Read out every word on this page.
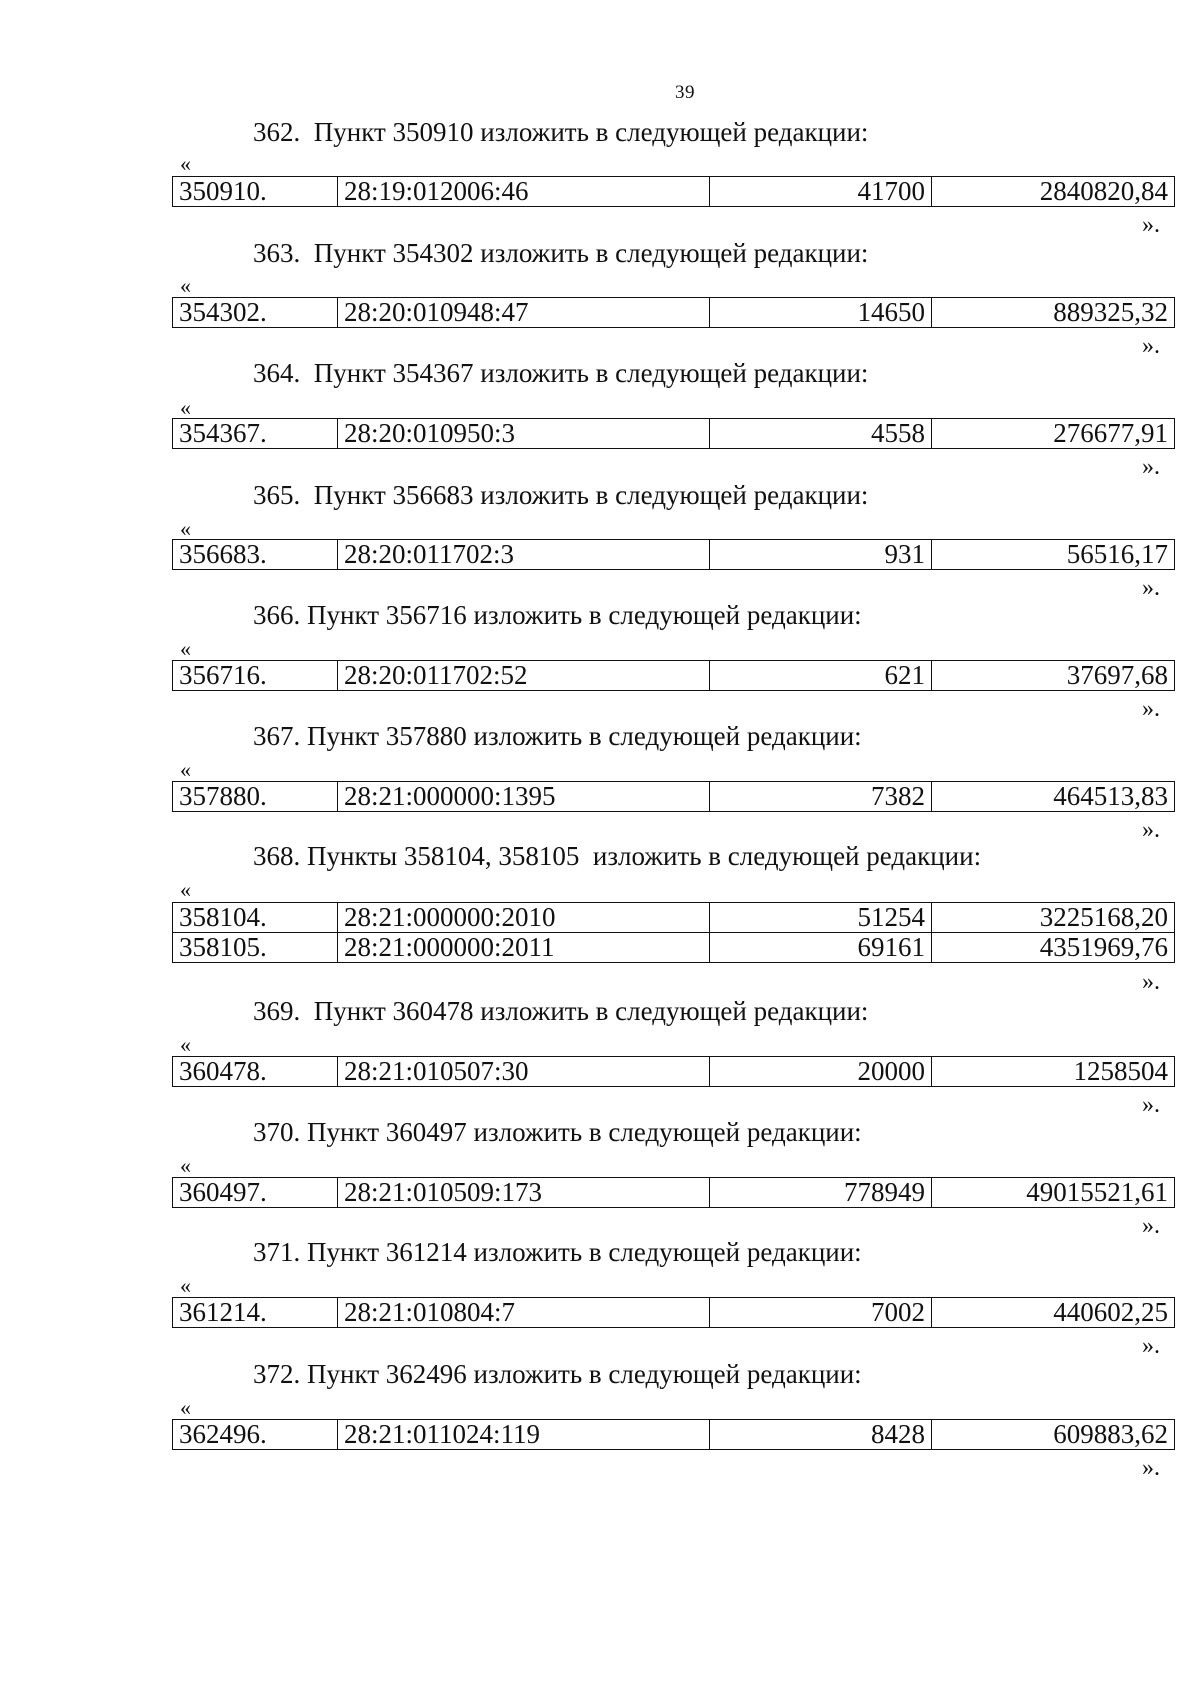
39
362.  Пункт 350910 изложить в следующей редакции:
«
350910.	28:19:012006:46	41700	2840820,84
».
363.  Пункт 354302 изложить в следующей редакции:
«
354302.	28:20:010948:47	14650	889325,32
».
364.  Пункт 354367 изложить в следующей редакции:
«
354367.	28:20:010950:3	4558	276677,91
».
365.  Пункт 356683 изложить в следующей редакции:
«
356683.	28:20:011702:3	931	56516,17
».
366. Пункт 356716 изложить в следующей редакции:
«
356716.	28:20:011702:52	621	37697,68
».
367. Пункт 357880 изложить в следующей редакции:
«
357880.	28:21:000000:1395	7382	464513,83
».
368. Пункты 358104, 358105  изложить в следующей редакции:
«
358104.	28:21:000000:2010	51254	3225168,20
358105.	28:21:000000:2011	69161	4351969,76
».
369.  Пункт 360478 изложить в следующей редакции:
«
360478.	28:21:010507:30	20000	1258504
».
370. Пункт 360497 изложить в следующей редакции:
«
360497.	28:21:010509:173	778949	49015521,61
».
371. Пункт 361214 изложить в следующей редакции:
«
361214.	28:21:010804:7	7002	440602,25
».
372. Пункт 362496 изложить в следующей редакции:
«
362496.	28:21:011024:119	8428	609883,62
».
